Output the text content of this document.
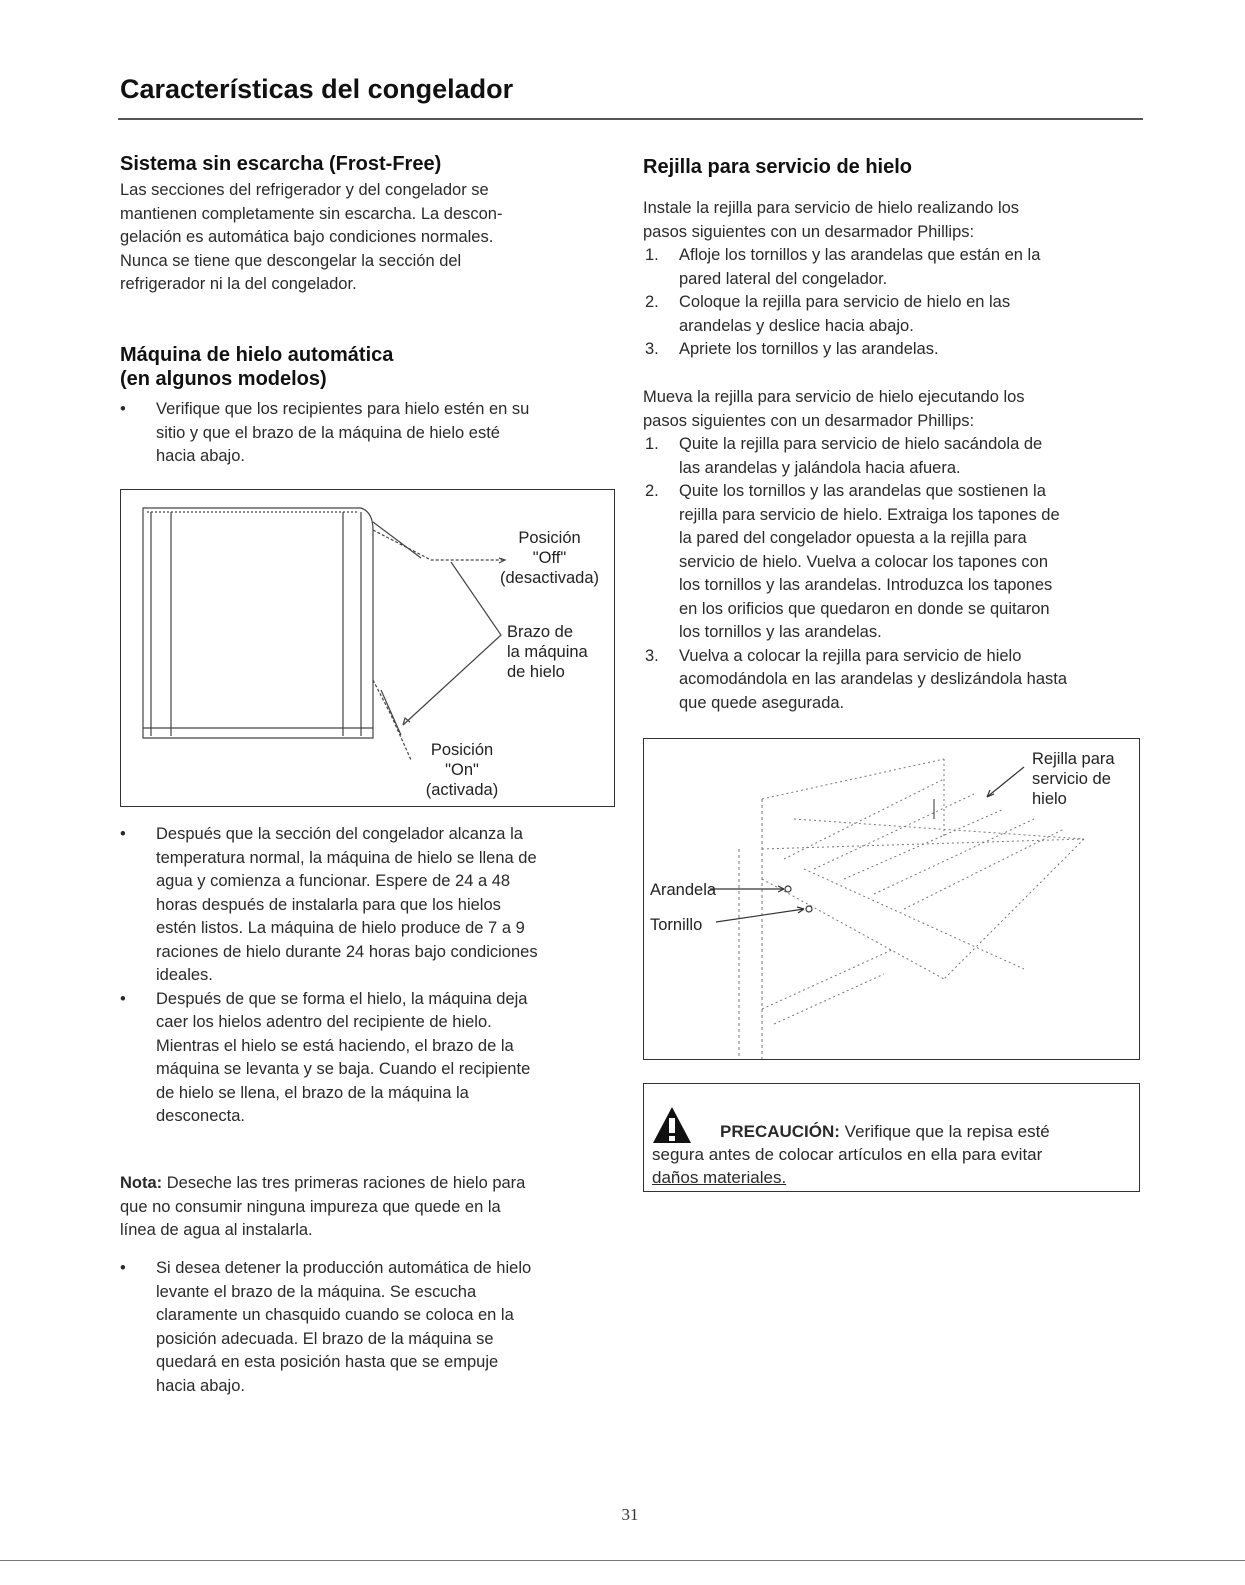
Características del congelador
Sistema sin escarcha (Frost-Free)
Las secciones del refrigerador y del congelador se
mantienen completamente sin escarcha. La descon-
gelación es automática bajo condiciones normales.
Nunca se tiene que descongelar la sección del
refrigerador ni la del congelador.
Máquina de hielo automática
(en algunos modelos)
• Verifique que los recipientes para hielo estén en su
sitio y que el brazo de la máquina de hielo esté
hacia abajo.
Posición
"Off"
(desactivada)
Brazo de
la máquina
de hielo
Posición
"On"
(activada)
• Después que la sección del congelador alcanza la
temperatura normal, la máquina de hielo se llena de
agua y comienza a funcionar. Espere de 24 a 48
horas después de instalarla para que los hielos
estén listos. La máquina de hielo produce de 7 a 9
raciones de hielo durante 24 horas bajo condiciones
ideales.
• Después de que se forma el hielo, la máquina deja
caer los hielos adentro del recipiente de hielo.
Mientras el hielo se está haciendo, el brazo de la
máquina se levanta y se baja. Cuando el recipiente
de hielo se llena, el brazo de la máquina la
desconecta.
Nota: Deseche las tres primeras raciones de hielo para
que no consumir ninguna impureza que quede en la
línea de agua al instalarla.
• Si desea detener la producción automática de hielo
levante el brazo de la máquina. Se escucha
claramente un chasquido cuando se coloca en la
posición adecuada. El brazo de la máquina se
quedará en esta posición hasta que se empuje
hacia abajo.
Rejilla para servicio de hielo
Instale la rejilla para servicio de hielo realizando los
pasos siguientes con un desarmador Phillips:
1. Afloje los tornillos y las arandelas que están en la
pared lateral del congelador.
2. Coloque la rejilla para servicio de hielo en las
arandelas y deslice hacia abajo.
3. Apriete los tornillos y las arandelas.
Mueva la rejilla para servicio de hielo ejecutando los
pasos siguientes con un desarmador Phillips:
1. Quite la rejilla para servicio de hielo sacándola de
las arandelas y jalándola hacia afuera.
2. Quite los tornillos y las arandelas que sostienen la
rejilla para servicio de hielo. Extraiga los tapones de
la pared del congelador opuesta a la rejilla para
servicio de hielo. Vuelva a colocar los tapones con
los tornillos y las arandelas. Introduzca los tapones
en los orificios que quedaron en donde se quitaron
los tornillos y las arandelas.
3. Vuelva a colocar la rejilla para servicio de hielo
acomodándola en las arandelas y deslizándola hasta
que quede asegurada.
Rejilla para
servicio de
hielo
Arandela
Tornillo
PRECAUCIÓN: Verifique que la repisa esté
segura antes de colocar artículos en ella para evitar
daños materiales.
31
